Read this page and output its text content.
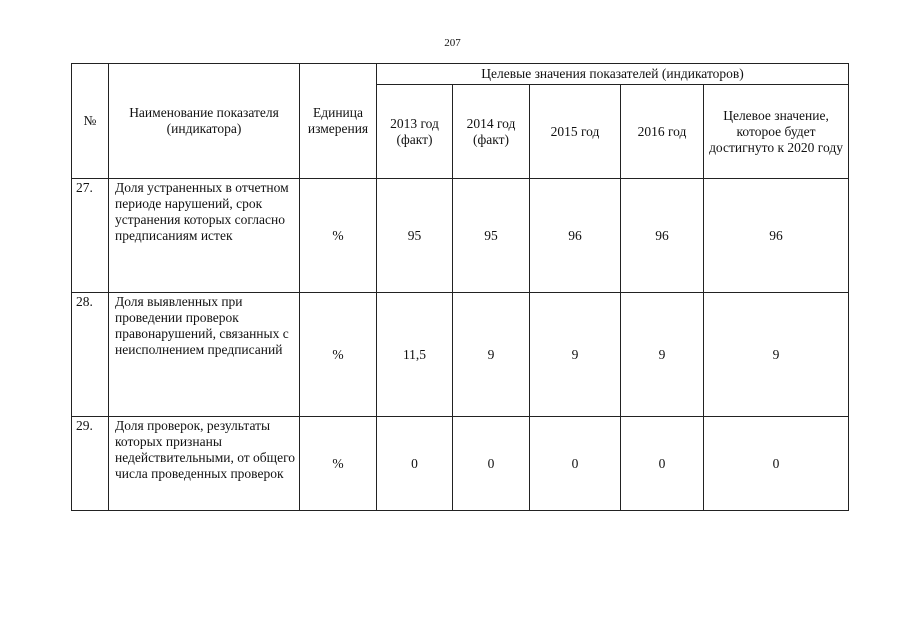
207
№	Наименование показателя (индикатора)	Единица измерения	Целевые значения показателей (индикаторов)				
			2013 год (факт)	2014 год (факт)	2015 год	2016 год	Целевое значение, которое будет достигнуто к 2020 году
27.	Доля устраненных в отчетном периоде нарушений, срок устранения которых согласно предписаниям истек	%	95	95	96	96	96
28.	Доля выявленных при проведении проверок правонарушений, связанных с неисполнением предписаний	%	11,5	9	9	9	9
29.	Доля проверок, результаты которых признаны недействительными, от общего числа проведенных проверок	%	0	0	0	0	0
